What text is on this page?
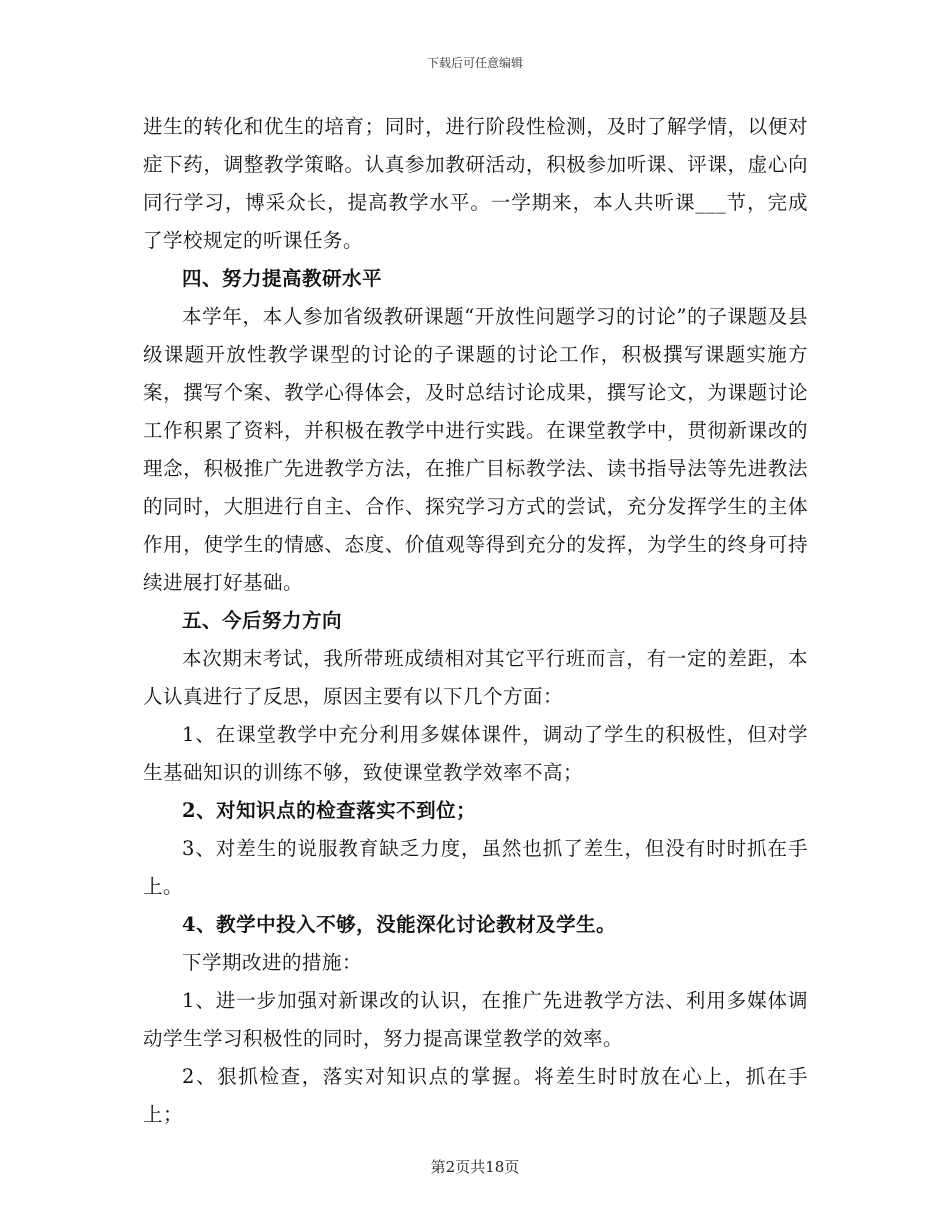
下载后可任意编辑

进生的转化和优生的培育；同时，进行阶段性检测，及时了解学情，以便对症下药，调整教学策略。认真参加教研活动，积极参加听课、评课，虚心向同行学习，博采众长，提高教学水平。一学期来，本人共听课___节，完成了学校规定的听课任务。

四、努力提高教研水平

本学年，本人参加省级教研课题“开放性问题学习的讨论”的子课题及县级课题开放性教学课型的讨论的子课题的讨论工作，积极撰写课题实施方案，撰写个案、教学心得体会，及时总结讨论成果，撰写论文，为课题讨论工作积累了资料，并积极在教学中进行实践。在课堂教学中，贯彻新课改的理念，积极推广先进教学方法，在推广目标教学法、读书指导法等先进教法的同时，大胆进行自主、合作、探究学习方式的尝试，充分发挥学生的主体作用，使学生的情感、态度、价值观等得到充分的发挥，为学生的终身可持续进展打好基础。

五、今后努力方向

本次期末考试，我所带班成绩相对其它平行班而言，有一定的差距，本人认真进行了反思，原因主要有以下几个方面：

1、在课堂教学中充分利用多媒体课件，调动了学生的积极性，但对学生基础知识的训练不够，致使课堂教学效率不高；

2、对知识点的检查落实不到位；

3、对差生的说服教育缺乏力度，虽然也抓了差生，但没有时时抓在手上。

4、教学中投入不够，没能深化讨论教材及学生。

下学期改进的措施：

1、进一步加强对新课改的认识，在推广先进教学方法、利用多媒体调动学生学习积极性的同时，努力提高课堂教学的效率。

2、狠抓检查，落实对知识点的掌握。将差生时时放在心上，抓在手上；

第2页共18页
